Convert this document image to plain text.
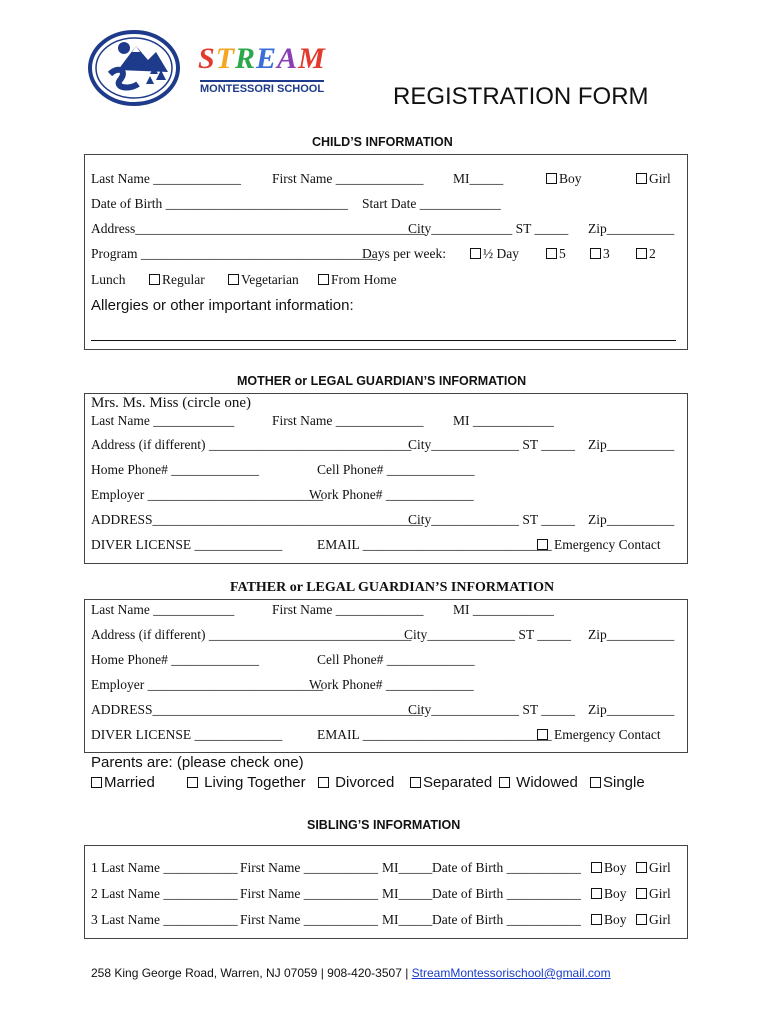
STREAM
MONTESSORI SCHOOL	REGISTRATION FORM
CHILD’S INFORMATION
Last Name _____________ First Name _____________ MI_____	Boy	Girl
Date of Birth ___________________________ Start Date ____________
Address___________________________________________
City____________ ST _____ Zip__________
Program ___________________________________
Days per week:	½ Day	5	3	2
Lunch	Regular	Vegetarian	From Home
Allergies or other important information:
MOTHER or LEGAL GUARDIAN’S INFORMATION
Mrs. Ms. Miss (circle one)
Last Name ____________	First Name _____________ MI ____________
Address (if different) ______________________________
City_____________ ST _____ Zip__________
Home Phone# _____________	Cell Phone# _____________
Employer __________________________
Work Phone# _____________
ADDRESS________________________________________
City_____________ ST _____ Zip__________
DIVER LICENSE _____________	EMAIL ____________________________ Emergency Contact
FATHER or LEGAL GUARDIAN’S INFORMATION
Last Name ____________	First Name _____________ MI ____________
Address (if different) ______________________________
City_____________ ST _____ Zip__________
Home Phone# _____________	Cell Phone# _____________
Employer __________________________
Work Phone# _____________
ADDRESS________________________________________
City_____________ ST _____ Zip__________
DIVER LICENSE _____________	EMAIL ____________________________ Emergency Contact
Parents are: (please check one)
Married	Living Together	Divorced	Separated	Widowed	Single
SIBLING’S INFORMATION
1 Last Name ___________ First Name ___________ MI_____ Date of Birth ___________	Boy	Girl
2 Last Name ___________ First Name ___________ MI_____ Date of Birth ___________	Boy	Girl
3 Last Name ___________ First Name ___________ MI_____ Date of Birth ___________	Boy	Girl
258 King George Road, Warren, NJ 07059 | 908-420-3507 | StreamMontessorischool@gmail.com
